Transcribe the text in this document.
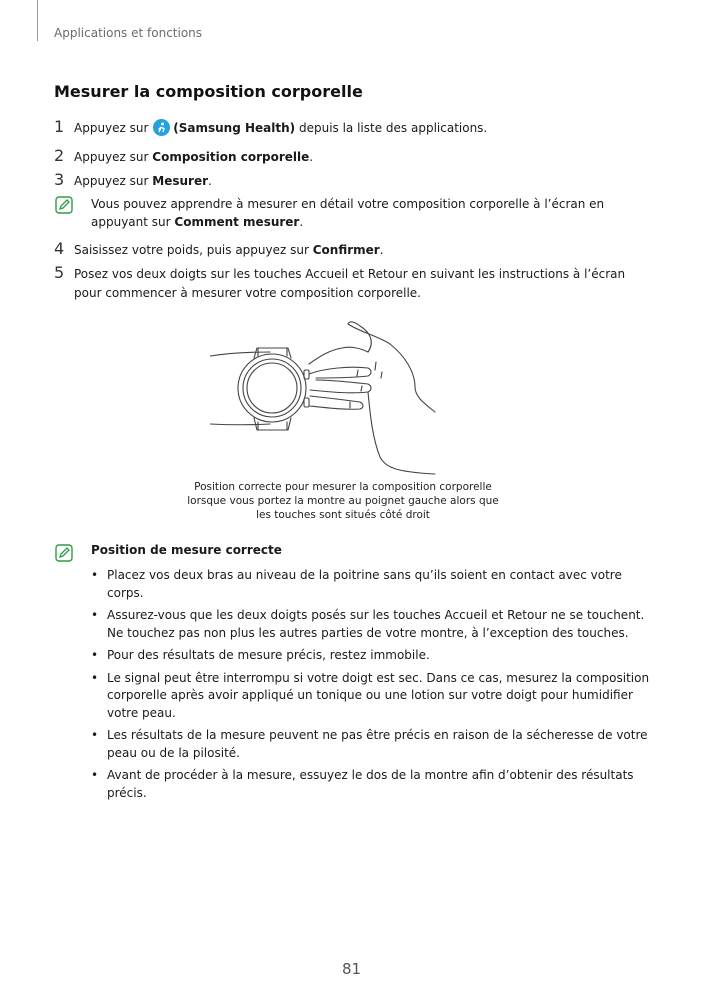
Applications et fonctions
Mesurer la composition corporelle
1 Appuyez sur (Samsung Health) depuis la liste des applications.
2 Appuyez sur Composition corporelle.
3 Appuyez sur Mesurer.
Vous pouvez apprendre à mesurer en détail votre composition corporelle à l’écran en appuyant sur Comment mesurer.
4 Saisissez votre poids, puis appuyez sur Confirmer.
5 Posez vos deux doigts sur les touches Accueil et Retour en suivant les instructions à l’écran pour commencer à mesurer votre composition corporelle.
Position correcte pour mesurer la composition corporelle lorsque vous portez la montre au poignet gauche alors que les touches sont situés côté droit
Position de mesure correcte
• Placez vos deux bras au niveau de la poitrine sans qu’ils soient en contact avec votre corps.
• Assurez-vous que les deux doigts posés sur les touches Accueil et Retour ne se touchent. Ne touchez pas non plus les autres parties de votre montre, à l’exception des touches.
• Pour des résultats de mesure précis, restez immobile.
• Le signal peut être interrompu si votre doigt est sec. Dans ce cas, mesurez la composition corporelle après avoir appliqué un tonique ou une lotion sur votre doigt pour humidifier votre peau.
• Les résultats de la mesure peuvent ne pas être précis en raison de la sécheresse de votre peau ou de la pilosité.
• Avant de procéder à la mesure, essuyez le dos de la montre afin d’obtenir des résultats précis.
81
